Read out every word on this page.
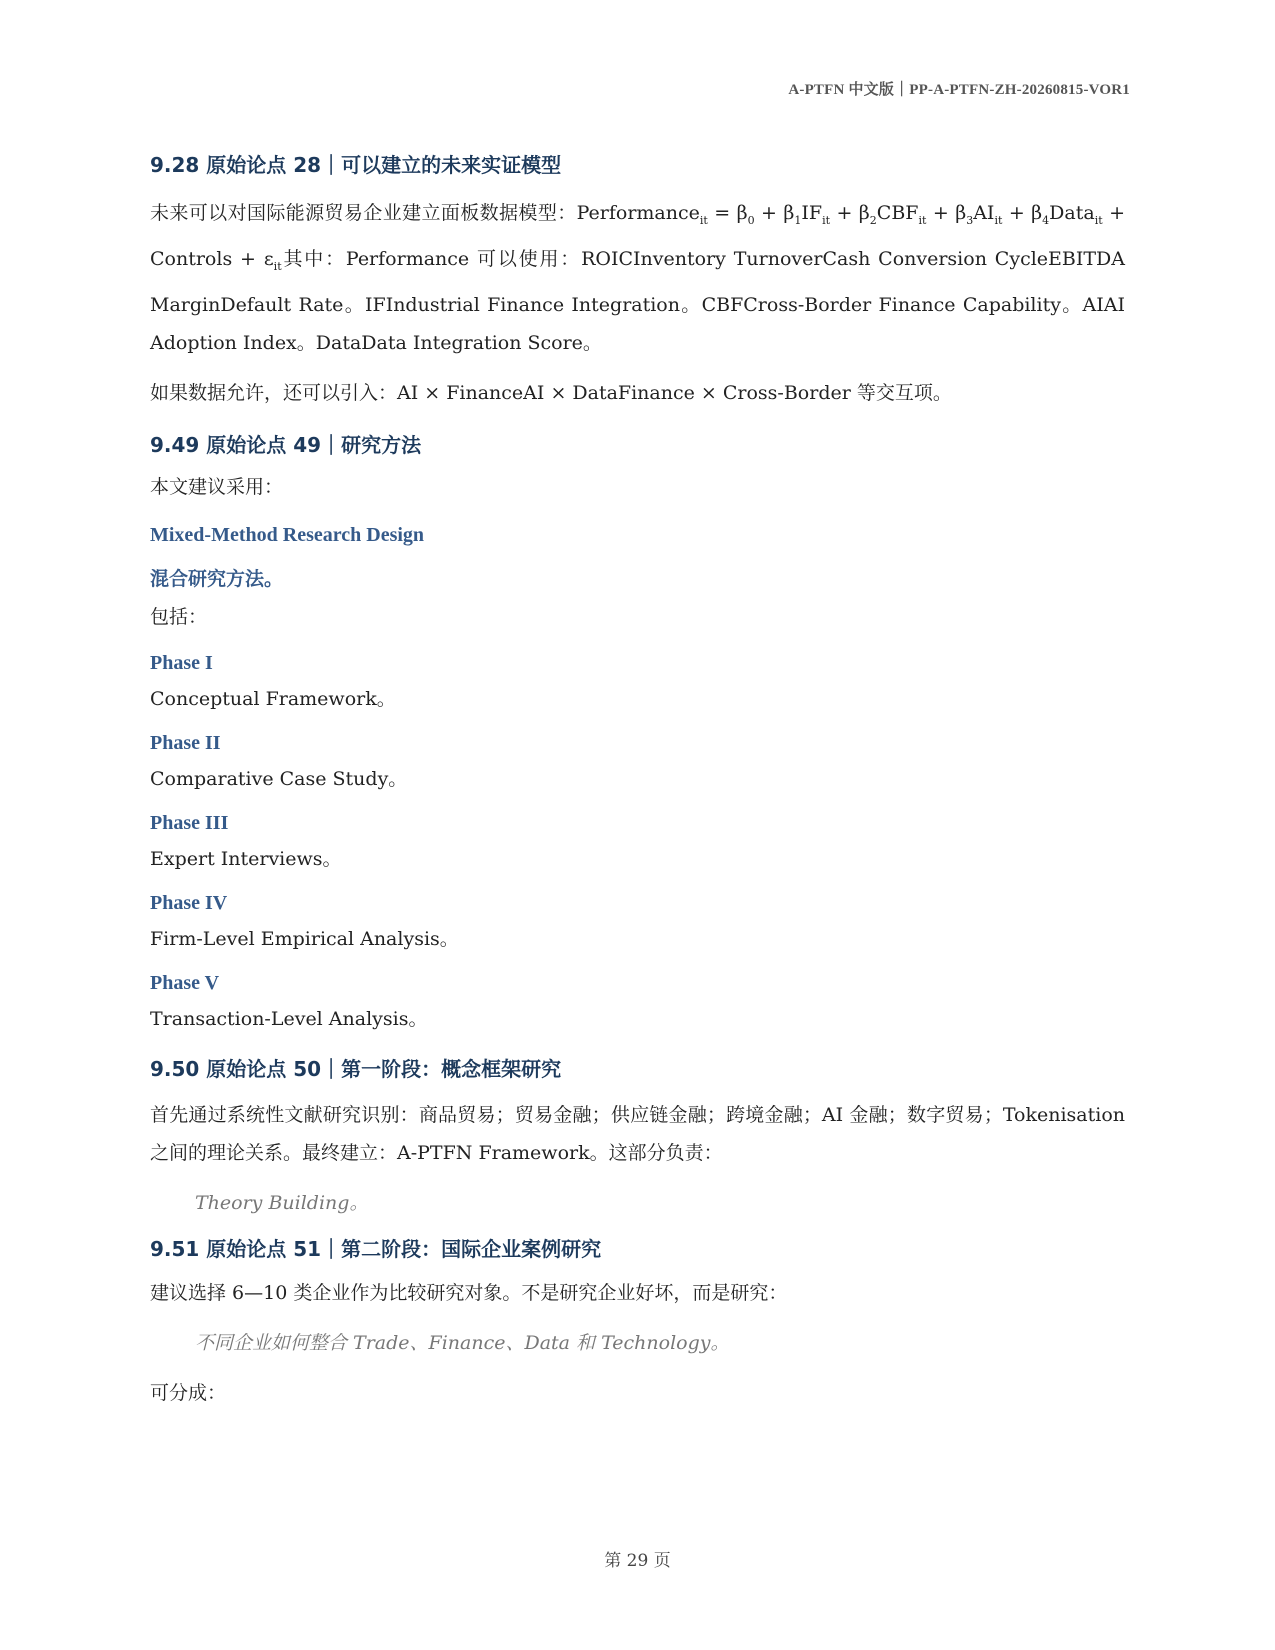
A-PTFN 中文版｜PP-A-PTFN-ZH-20260815-VOR1
9.28 原始论点 28｜可以建立的未来实证模型

未来可以对国际能源贸易企业建立面板数据模型：Performance$_{it}$ = $\beta_0 + \beta_1IF_{it} + \beta_2CBF_{it} + \beta_3AI_{it}$ + $\beta_4Data_{it}$ + Controls + $\varepsilon_{it}$其中：Performance 可以使用：ROICInventory TurnoverCash Conversion CycleEBITDA MarginDefault Rate。IFIndustrial Finance Integration。CBFCross-Border Finance Capability。AIAI Adoption Index。DataData Integration Score。

如果数据允许，还可以引入：AI × FinanceAI × DataFinance × Cross-Border 等交互项。

9.49 原始论点 49｜研究方法

本文建议采用：

Mixed-Method Research Design
混合研究方法。

包括：

Phase I

Conceptual Framework。

Phase II

Comparative Case Study。

Phase III

Expert Interviews。

Phase IV

Firm-Level Empirical Analysis。

Phase V

Transaction-Level Analysis。

9.50 原始论点 50｜第一阶段：概念框架研究

首先通过系统性文献研究识别：商品贸易；贸易金融；供应链金融；跨境金融；AI 金融；数字贸易；Tokenisation 之间的理论关系。最终建立：A-PTFN Framework。这部分负责：

Theory Building。

9.51 原始论点 51｜第二阶段：国际企业案例研究

建议选择 6—10 类企业作为比较研究对象。不是研究企业好坏，而是研究：

不同企业如何整合 Trade、Finance、Data 和 Technology。

可分成：

第 29 页
